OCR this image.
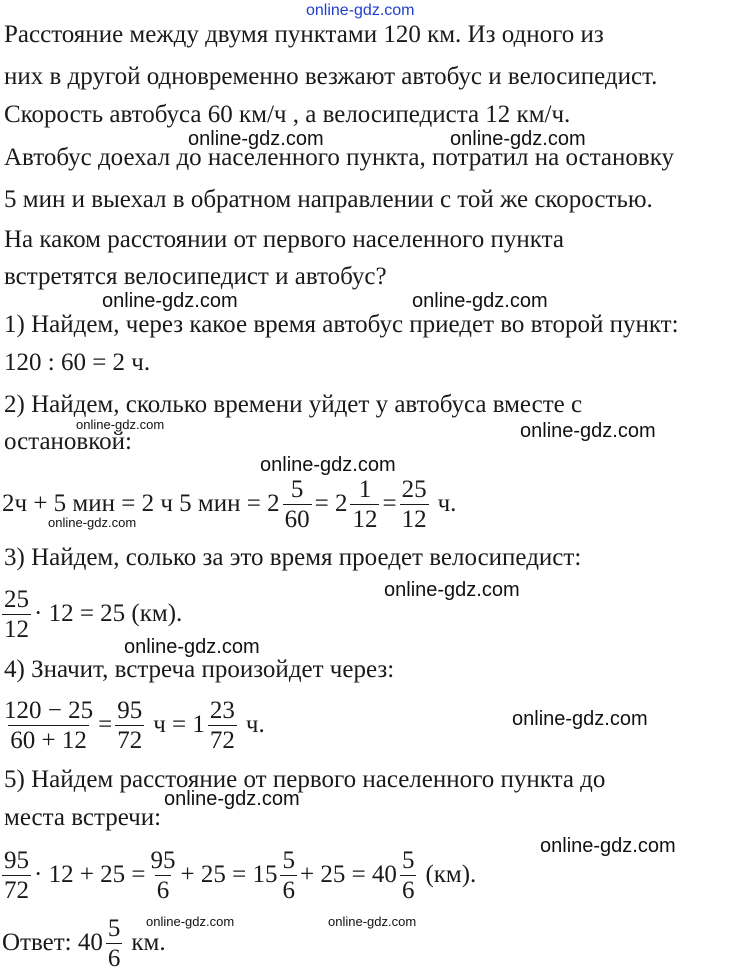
online-gdz.com
Расстояние между двумя пунктами 120 км. Из одного из
них в другой одновременно везжают автобус и велосипедист.
Скорость автобуса 60 км/ч , а велосипедиста 12 км/ч.
Автобус доехал до населенного пункта, потратил на остановку
5 мин и выехал в обратном направлении с той же скоростью.
На каком расстоянии от первого населенного пункта
встретятся велосипедист и автобус?
1) Найдем, через какое время автобус приедет во второй пункт:
120 : 60 = 2 ч.
2) Найдем, сколько времени уйдет у автобуса вместе с
остановкой:
2ч + 5 мин = 2 ч 5 мин = $2 \frac{5}{60} = 2 \frac{1}{12} = \frac{25}{12} ч$.
3) Найдем, солько за это время проедет велосипедист:
$\frac{25}{12} \cdot 12 = 25$ (км).
4) Значит, встреча произойдет через:
$\frac{120 - 25}{60 + 12} = \frac{95}{72}$ $ч = 1 \frac{23}{72} ч$.
5) Найдем расстояние от первого населенного пункта до
места встречи:
$\frac{95}{72} \cdot 12 + 25 = \frac{95}{6} + 25 = 15 \frac{5}{6} + 25 = 40 \frac{5}{6} (км)$.
Ответ: $40 \frac{5}{6}$ км.
online-gdz.com	online-gdz.com
online-gdz.com	online-gdz.com
online-gdz.com	online-gdz.com
online-gdz.com
online-gdz.com
online-gdz.com
online-gdz.com
online-gdz.com
online-gdz.com
online-gdz.com
online-gdz.com	online-gdz.com
